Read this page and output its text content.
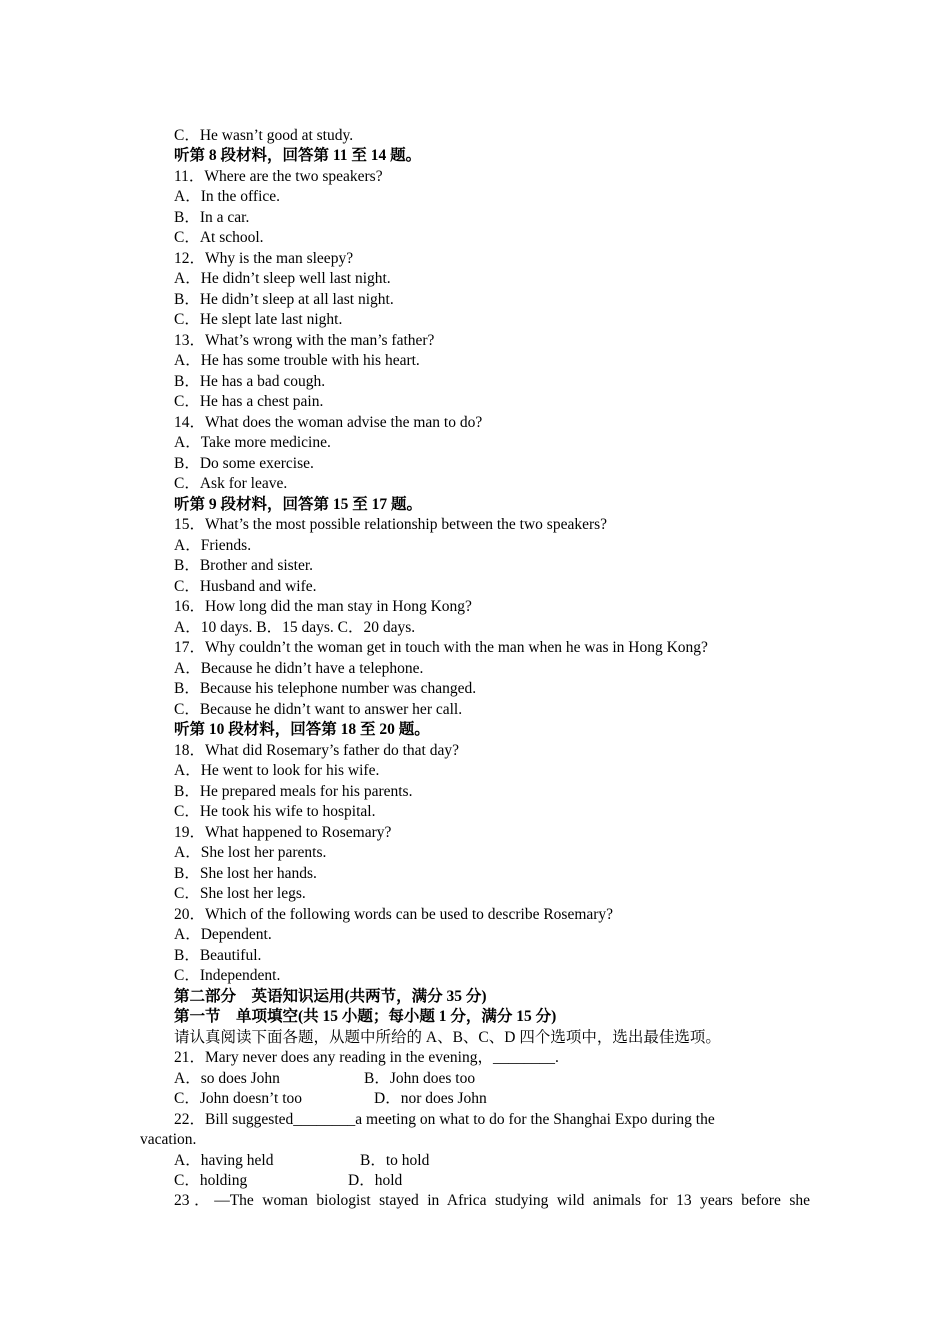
C．He wasn’t good at study.
听第 8 段材料，回答第 11 至 14 题。
11．Where are the two speakers?
A．In the office.
B．In a car.
C．At school.
12．Why is the man sleepy?
A．He didn’t sleep well last night.
B．He didn’t sleep at all last night.
C．He slept late last night.
13．What’s wrong with the man’s father?
A．He has some trouble with his heart.
B．He has a bad cough.
C．He has a chest pain.
14．What does the woman advise the man to do?
A．Take more medicine.
B．Do some exercise.
C．Ask for leave.
听第 9 段材料，回答第 15 至 17 题。
15．What’s the most possible relationship between the two speakers?
A．Friends.
B．Brother and sister.
C．Husband and wife.
16．How long did the man stay in Hong Kong?
A．10 days. B．15 days. C．20 days.
17．Why couldn’t the woman get in touch with the man when he was in Hong Kong?
A．Because he didn’t have a telephone.
B．Because his telephone number was changed.
C．Because he didn’t want to answer her call.
听第 10 段材料，回答第 18 至 20 题。
18．What did Rosemary’s father do that day?
A．He went to look for his wife.
B．He prepared meals for his parents.
C．He took his wife to hospital.
19．What happened to Rosemary?
A．She lost her parents.
B．She lost her hands.
C．She lost her legs.
20．Which of the following words can be used to describe Rosemary?
A．Dependent.
B．Beautiful.
C．Independent.
第二部分　英语知识运用(共两节，满分 35 分)
第一节　单项填空(共 15 小题；每小题 1 分，满分 15 分)
请认真阅读下面各题，从题中所给的 A、B、C、D 四个选项中，选出最佳选项。
21．Mary never does any reading in the evening，________.
A．so does John	B．John does too
C．John doesn’t too	D．nor does John
22．Bill suggested________a meeting on what to do for the Shanghai Expo during the
vacation.
A．having held	B．to hold
C．holding	D．hold
23．—The woman biologist stayed in Africa studying wild animals for 13 years before she
